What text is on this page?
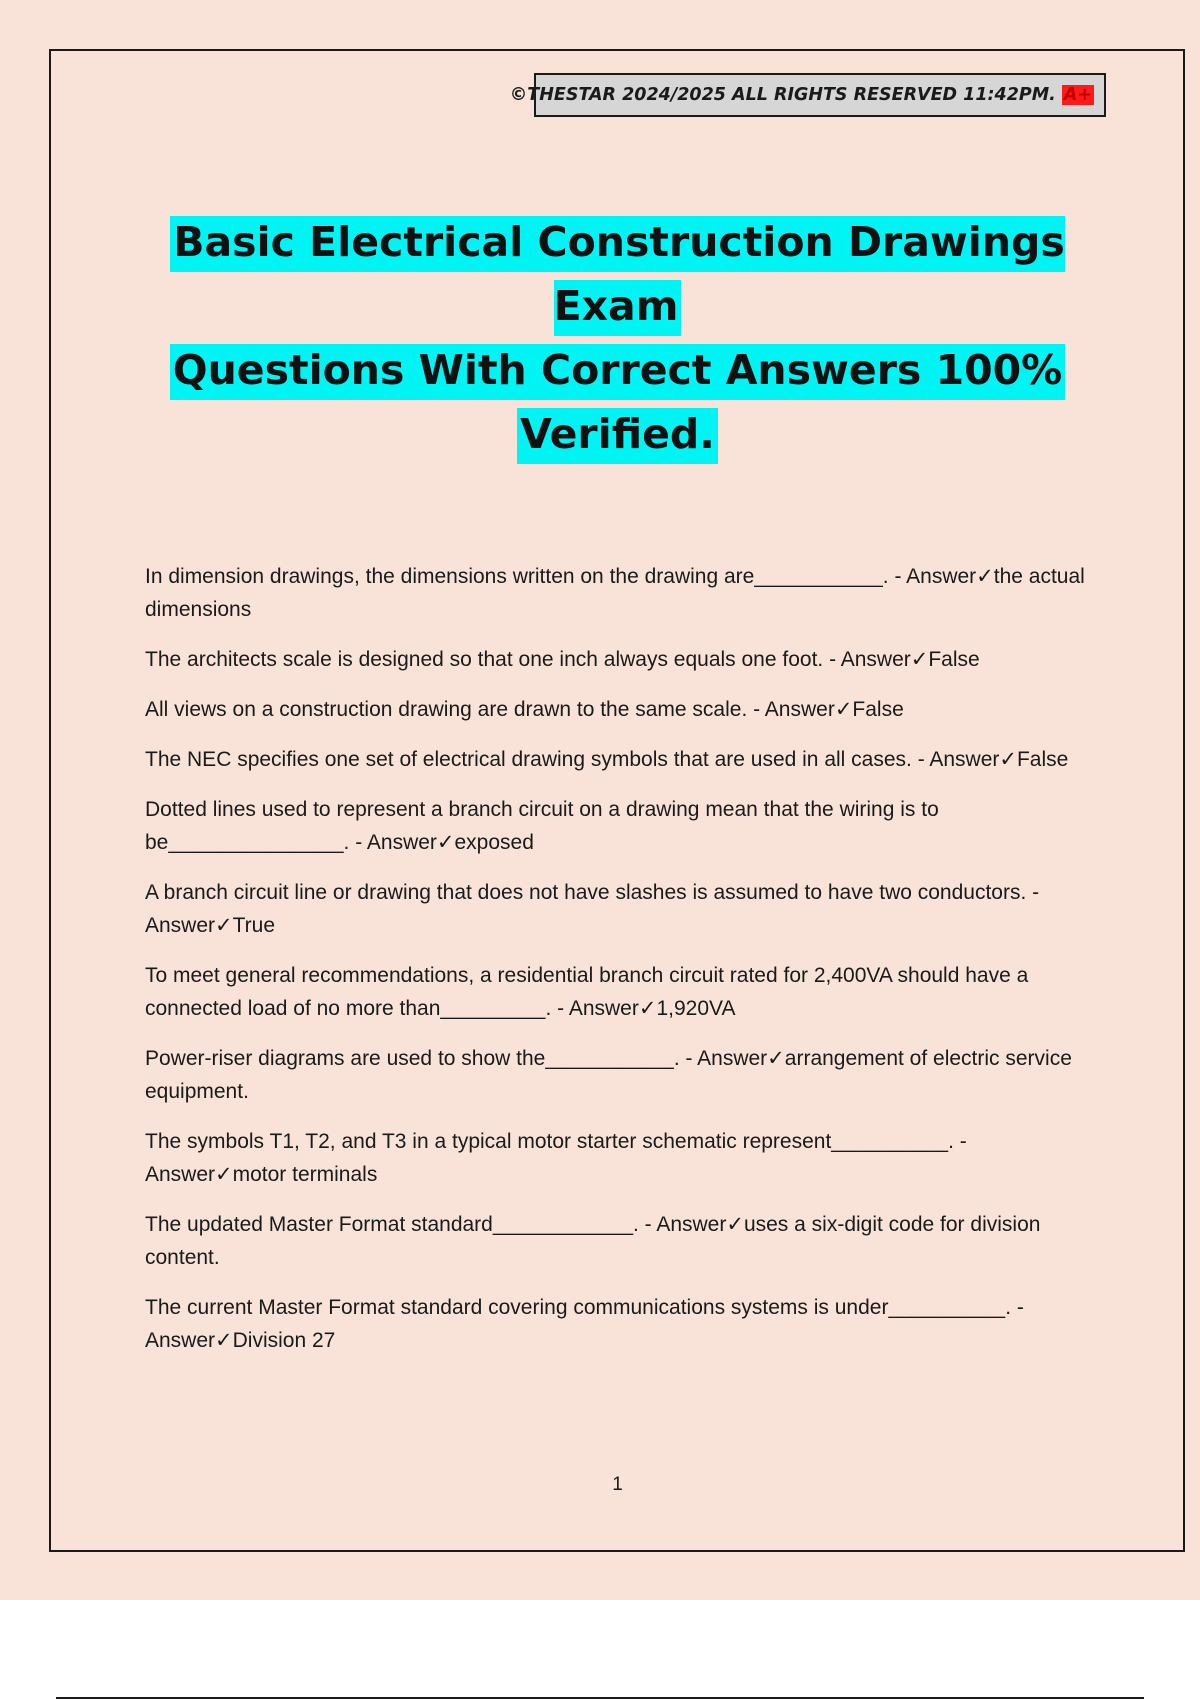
©THESTAR 2024/2025 ALL RIGHTS RESERVED 11:42PM. A+
Basic Electrical Construction Drawings Exam
Questions With Correct Answers 100%
Verified.

In dimension drawings, the dimensions written on the drawing are___________. - Answer✓the actual dimensions

The architects scale is designed so that one inch always equals one foot. - Answer✓False

All views on a construction drawing are drawn to the same scale. - Answer✓False

The NEC specifies one set of electrical drawing symbols that are used in all cases. - Answer✓False

Dotted lines used to represent a branch circuit on a drawing mean that the wiring is to be_______________. - Answer✓exposed

A branch circuit line or drawing that does not have slashes is assumed to have two conductors. - Answer✓True

To meet general recommendations, a residential branch circuit rated for 2,400VA should have a connected load of no more than_________. - Answer✓1,920VA

Power-riser diagrams are used to show the___________. - Answer✓arrangement of electric service equipment.

The symbols T1, T2, and T3 in a typical motor starter schematic represent__________. - Answer✓motor terminals

The updated Master Format standard____________. - Answer✓uses a six-digit code for division content.

The current Master Format standard covering communications systems is under__________. - Answer✓Division 27

1
